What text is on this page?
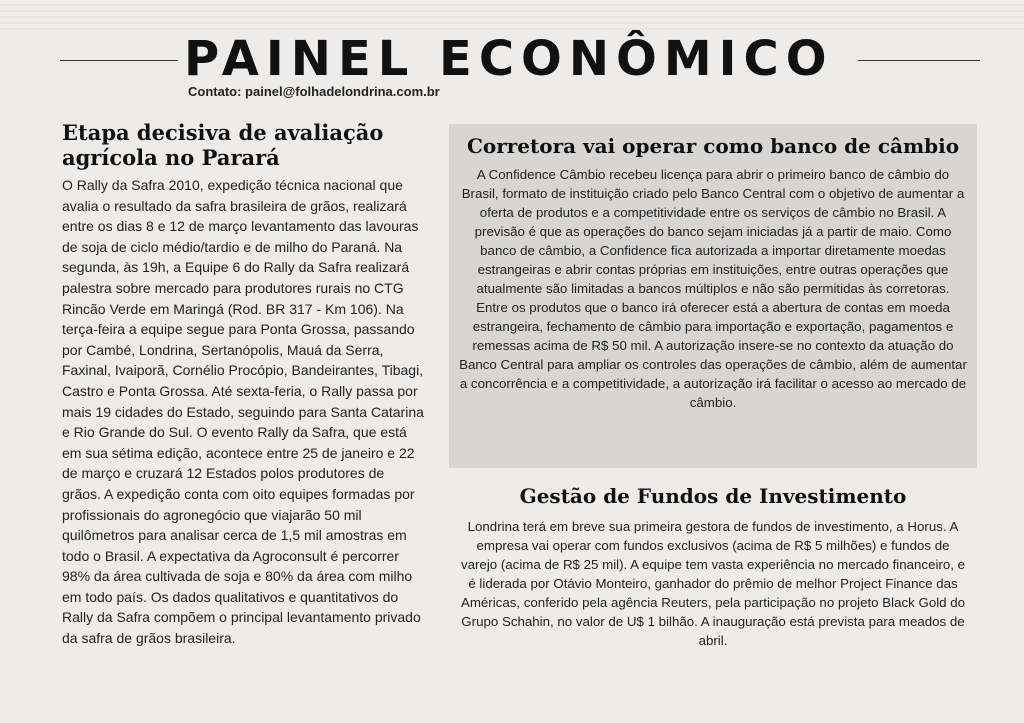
PAINEL ECONÔMICO
Contato: painel@folhadelondrina.com.br
Etapa decisiva de avaliação agrícola no Parará
O Rally da Safra 2010, expedição técnica nacional que avalia o resultado da safra brasileira de grãos, realizará entre os dias 8 e 12 de março levantamento das lavouras de soja de ciclo médio/tardio e de milho do Paraná. Na segunda, às 19h, a Equipe 6 do Rally da Safra realizará palestra sobre mercado para produtores rurais no CTG Rincão Verde em Maringá (Rod. BR 317 - Km 106). Na terça-feira a equipe segue para Ponta Grossa, passando por Cambé, Londrina, Sertanópolis, Mauá da Serra, Faxinal, Ivaiporã, Cornélio Procópio, Bandeirantes, Tibagi, Castro e Ponta Grossa. Até sexta-feria, o Rally passa por mais 19 cidades do Estado, seguindo para Santa Catarina e Rio Grande do Sul. O evento Rally da Safra, que está em sua sétima edição, acontece entre 25 de janeiro e 22 de março e cruzará 12 Estados polos produtores de grãos. A expedição conta com oito equipes formadas por profissionais do agronegócio que viajarão 50 mil quilômetros para analisar cerca de 1,5 mil amostras em todo o Brasil. A expectativa da Agroconsult é percorrer 98% da área cultivada de soja e 80% da área com milho em todo país. Os dados qualitativos e quantitativos do Rally da Safra compõem o principal levantamento privado da safra de grãos brasileira.
Corretora vai operar como banco de câmbio
A Confidence Câmbio recebeu licença para abrir o primeiro banco de câmbio do Brasil, formato de instituição criado pelo Banco Central com o objetivo de aumentar a oferta de produtos e a competitividade entre os serviços de câmbio no Brasil. A previsão é que as operações do banco sejam iniciadas já a partir de maio. Como banco de câmbio, a Confidence fica autorizada a importar diretamente moedas estrangeiras e abrir contas próprias em instituições, entre outras operações que atualmente são limitadas a bancos múltiplos e não são permitidas às corretoras. Entre os produtos que o banco irá oferecer está a abertura de contas em moeda estrangeira, fechamento de câmbio para importação e exportação, pagamentos e remessas acima de R$ 50 mil. A autorização insere-se no contexto da atuação do Banco Central para ampliar os controles das operações de câmbio, além de aumentar a concorrência e a competitividade, a autorização irá facilitar o acesso ao mercado de câmbio.
Gestão de Fundos de Investimento
Londrina terá em breve sua primeira gestora de fundos de investimento, a Horus. A empresa vai operar com fundos exclusivos (acima de R$ 5 milhões) e fundos de varejo (acima de R$ 25 mil). A equipe tem vasta experiência no mercado financeiro, e é liderada por Otávio Monteiro, ganhador do prêmio de melhor Project Finance das Américas, conferido pela agência Reuters, pela participação no projeto Black Gold do Grupo Schahin, no valor de U$ 1 bilhão. A inauguração está prevista para meados de abril.
